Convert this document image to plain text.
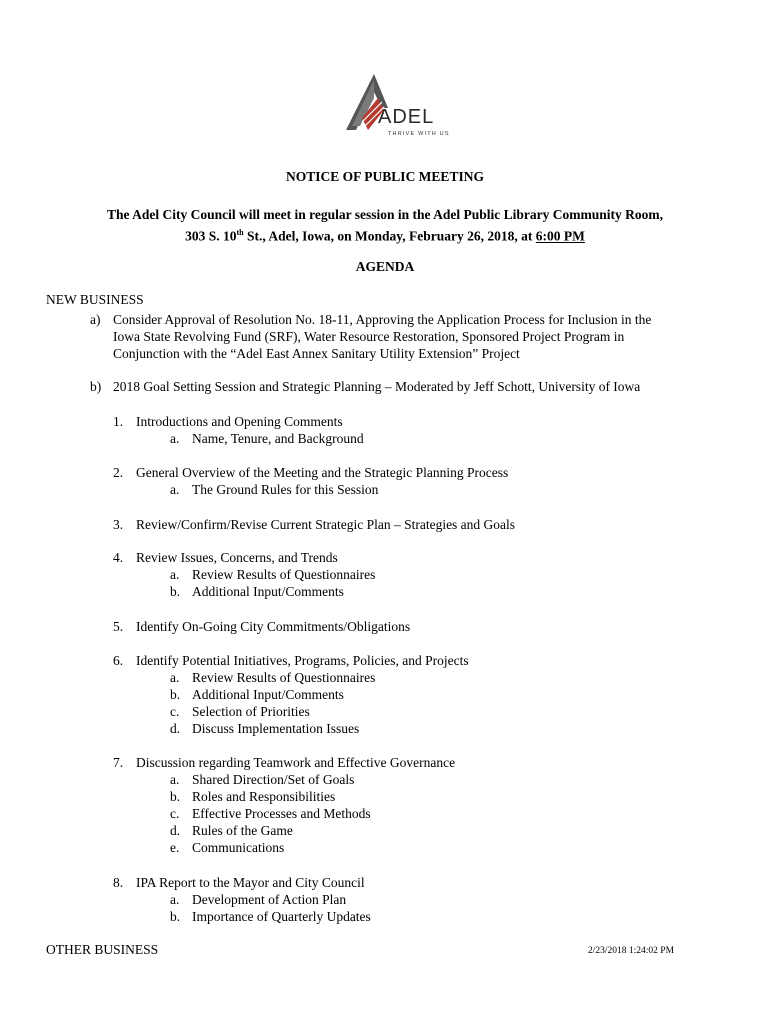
ADEL
THRIVE WITH US
NOTICE OF PUBLIC MEETING
The Adel City Council will meet in regular session in the Adel Public Library Community Room,
303 S. 10th St., Adel, Iowa, on Monday, February 26, 2018, at 6:00 PM
AGENDA
NEW BUSINESS
a) Consider Approval of Resolution No. 18-11, Approving the Application Process for Inclusion in the
Iowa State Revolving Fund (SRF), Water Resource Restoration, Sponsored Project Program in
Conjunction with the “Adel East Annex Sanitary Utility Extension” Project
b) 2018 Goal Setting Session and Strategic Planning – Moderated by Jeff Schott, University of Iowa
1. Introductions and Opening Comments
a. Name, Tenure, and Background
2. General Overview of the Meeting and the Strategic Planning Process
a. The Ground Rules for this Session
3. Review/Confirm/Revise Current Strategic Plan – Strategies and Goals
4. Review Issues, Concerns, and Trends
a. Review Results of Questionnaires
b. Additional Input/Comments
5. Identify On-Going City Commitments/Obligations
6. Identify Potential Initiatives, Programs, Policies, and Projects
a. Review Results of Questionnaires
b. Additional Input/Comments
c. Selection of Priorities
d. Discuss Implementation Issues
7. Discussion regarding Teamwork and Effective Governance
a. Shared Direction/Set of Goals
b. Roles and Responsibilities
c. Effective Processes and Methods
d. Rules of the Game
e. Communications
8. IPA Report to the Mayor and City Council
a. Development of Action Plan
b. Importance of Quarterly Updates
OTHER BUSINESS	2/23/2018 1:24:02 PM
